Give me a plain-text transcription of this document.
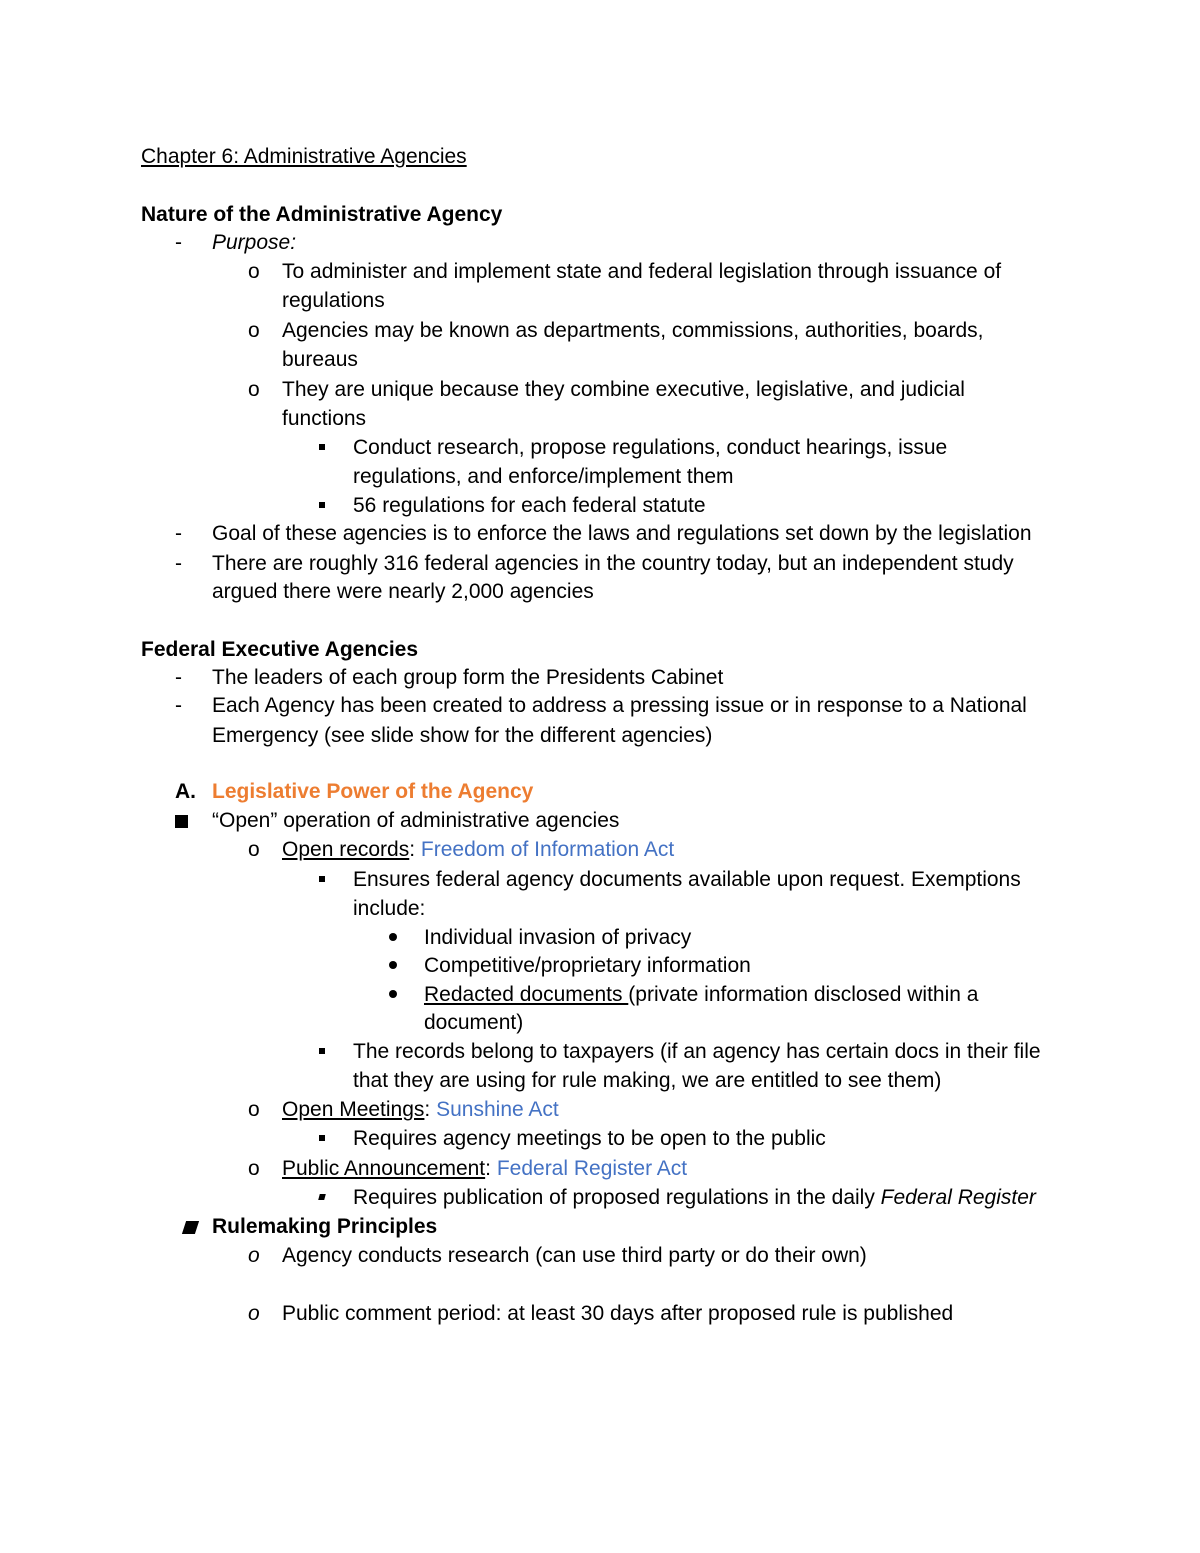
Chapter 6: Administrative Agencies
Nature of the Administrative Agency
- Purpose:
o To administer and implement state and federal legislation through issuance of
regulations
o Agencies may be known as departments, commissions, authorities, boards,
bureaus
o They are unique because they combine executive, legislative, and judicial
functions
Conduct research, propose regulations, conduct hearings, issue
regulations, and enforce/implement them
56 regulations for each federal statute
- Goal of these agencies is to enforce the laws and regulations set down by the legislation
- There are roughly 316 federal agencies in the country today, but an independent study
argued there were nearly 2,000 agencies
Federal Executive Agencies
- The leaders of each group form the Presidents Cabinet
- Each Agency has been created to address a pressing issue or in response to a National
Emergency (see slide show for the different agencies)
A. Legislative Power of the Agency
“Open” operation of administrative agencies
o Open records: Freedom of Information Act
Ensures federal agency documents available upon request. Exemptions
include:
Individual invasion of privacy
Competitive/proprietary information
Redacted documents (private information disclosed within a
document)
The records belong to taxpayers (if an agency has certain docs in their file
that they are using for rule making, we are entitled to see them)
o Open Meetings: Sunshine Act
Requires agency meetings to be open to the public
o Public Announcement: Federal Register Act
Requires publication of proposed regulations in the daily Federal Register
Rulemaking Principles
o Agency conducts research (can use third party or do their own)
o Public comment period: at least 30 days after proposed rule is published
